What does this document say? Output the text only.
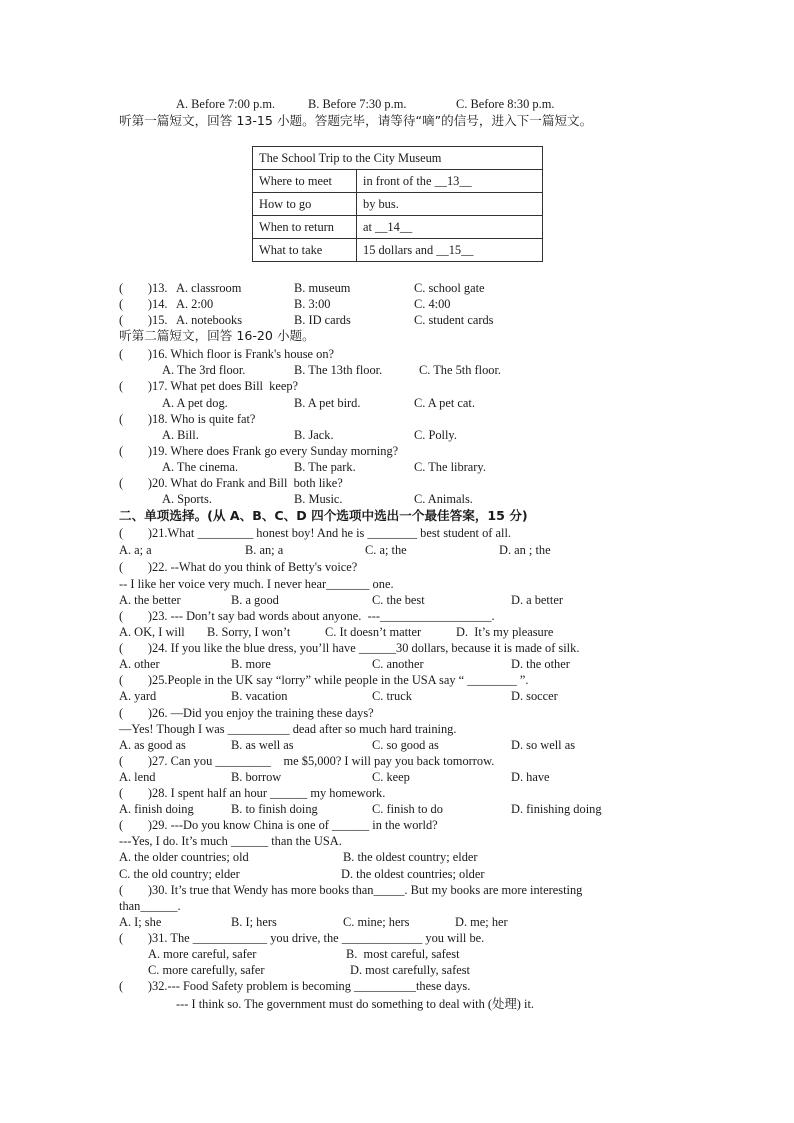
A. Before 7:00 p.m.	B. Before 7:30 p.m.	C. Before 8:30 p.m.
听第一篇短文，回答 13-15 小题。答题完毕，请等待“嘀”的信号，进入下一篇短文。
The School Trip to the City Museum	
Where to meet	in front of the __13__
How to go	by bus.
When to return	at __14__
What to take	15 dollars and __15__
(        )13. A. classroom	B. museum	C. school gate
(        )14. A. 2:00	B. 3:00	C. 4:00
(        )15. A. notebooks	B. ID cards	C. student cards
听第二篇短文，回答 16-20 小题。
(        )16. Which floor is Frank's house on?
A. The 3rd floor.	B. The 13th floor.	C. The 5th floor.
(        )17. What pet does Bill  keep?
A. A pet dog.	B. A pet bird.	C. A pet cat.
(        )18. Who is quite fat?
A. Bill.	B. Jack.	C. Polly.
(        )19. Where does Frank go every Sunday morning?
A. The cinema.	B. The park.	C. The library.
(        )20. What do Frank and Bill  both like?
A. Sports.	B. Music.	C. Animals.
二、单项选择。(从 A、B、C、D 四个选项中选出一个最佳答案，15 分)
(        )21.What _________ honest boy! And he is ________ best student of all.
A. a; a	B. an; a	C. a; the	D. an ; the
(        )22. --What do you think of Betty's voice?
-- I like her voice very much. I never hear_______ one.
A. the better	B. a good	C. the best	D. a better
(        )23. --- Don’t say bad words about anyone.  ---__________________.
A. OK, I will B. Sorry, I won’t	C. It doesn’t matter	D.  It’s my pleasure
(        )24. If you like the blue dress, you’ll have ______30 dollars, because it is made of silk.
A. other	B. more	C. another	D. the other
(        )25.People in the UK say “lorry” while people in the USA say “ ________ ”.
A. yard	B. vacation	C. truck	D. soccer
(        )26. —Did you enjoy the training these days?
—Yes! Though I was __________ dead after so much hard training.
A. as good as	B. as well as	C. so good as	D. so well as
(        )27. Can you _________    me $5,000? I will pay you back tomorrow.
A. lend	B. borrow	C. keep	D. have
(        )28. I spent half an hour ______ my homework.
A. finish doing	B. to finish doing	C. finish to do	D. finishing doing
(        )29. ---Do you know China is one of ______ in the world?
---Yes, I do. It’s much ______ than the USA.
A. the older countries; old	B. the oldest country; elder
C. the old country; elder	D. the oldest countries; older
(        )30. It’s true that Wendy has more books than_____. But my books are more interesting
than______.
A. I; she	B. I; hers	C. mine; hers	D. me; her
(        )31. The ____________ you drive, the _____________ you will be.
A. more careful, safer	B.  most careful, safest
C. more carefully, safer	D. most carefully, safest
(        )32.--- Food Safety problem is becoming __________these days.
--- I think so. The government must do something to deal with (处理) it.
